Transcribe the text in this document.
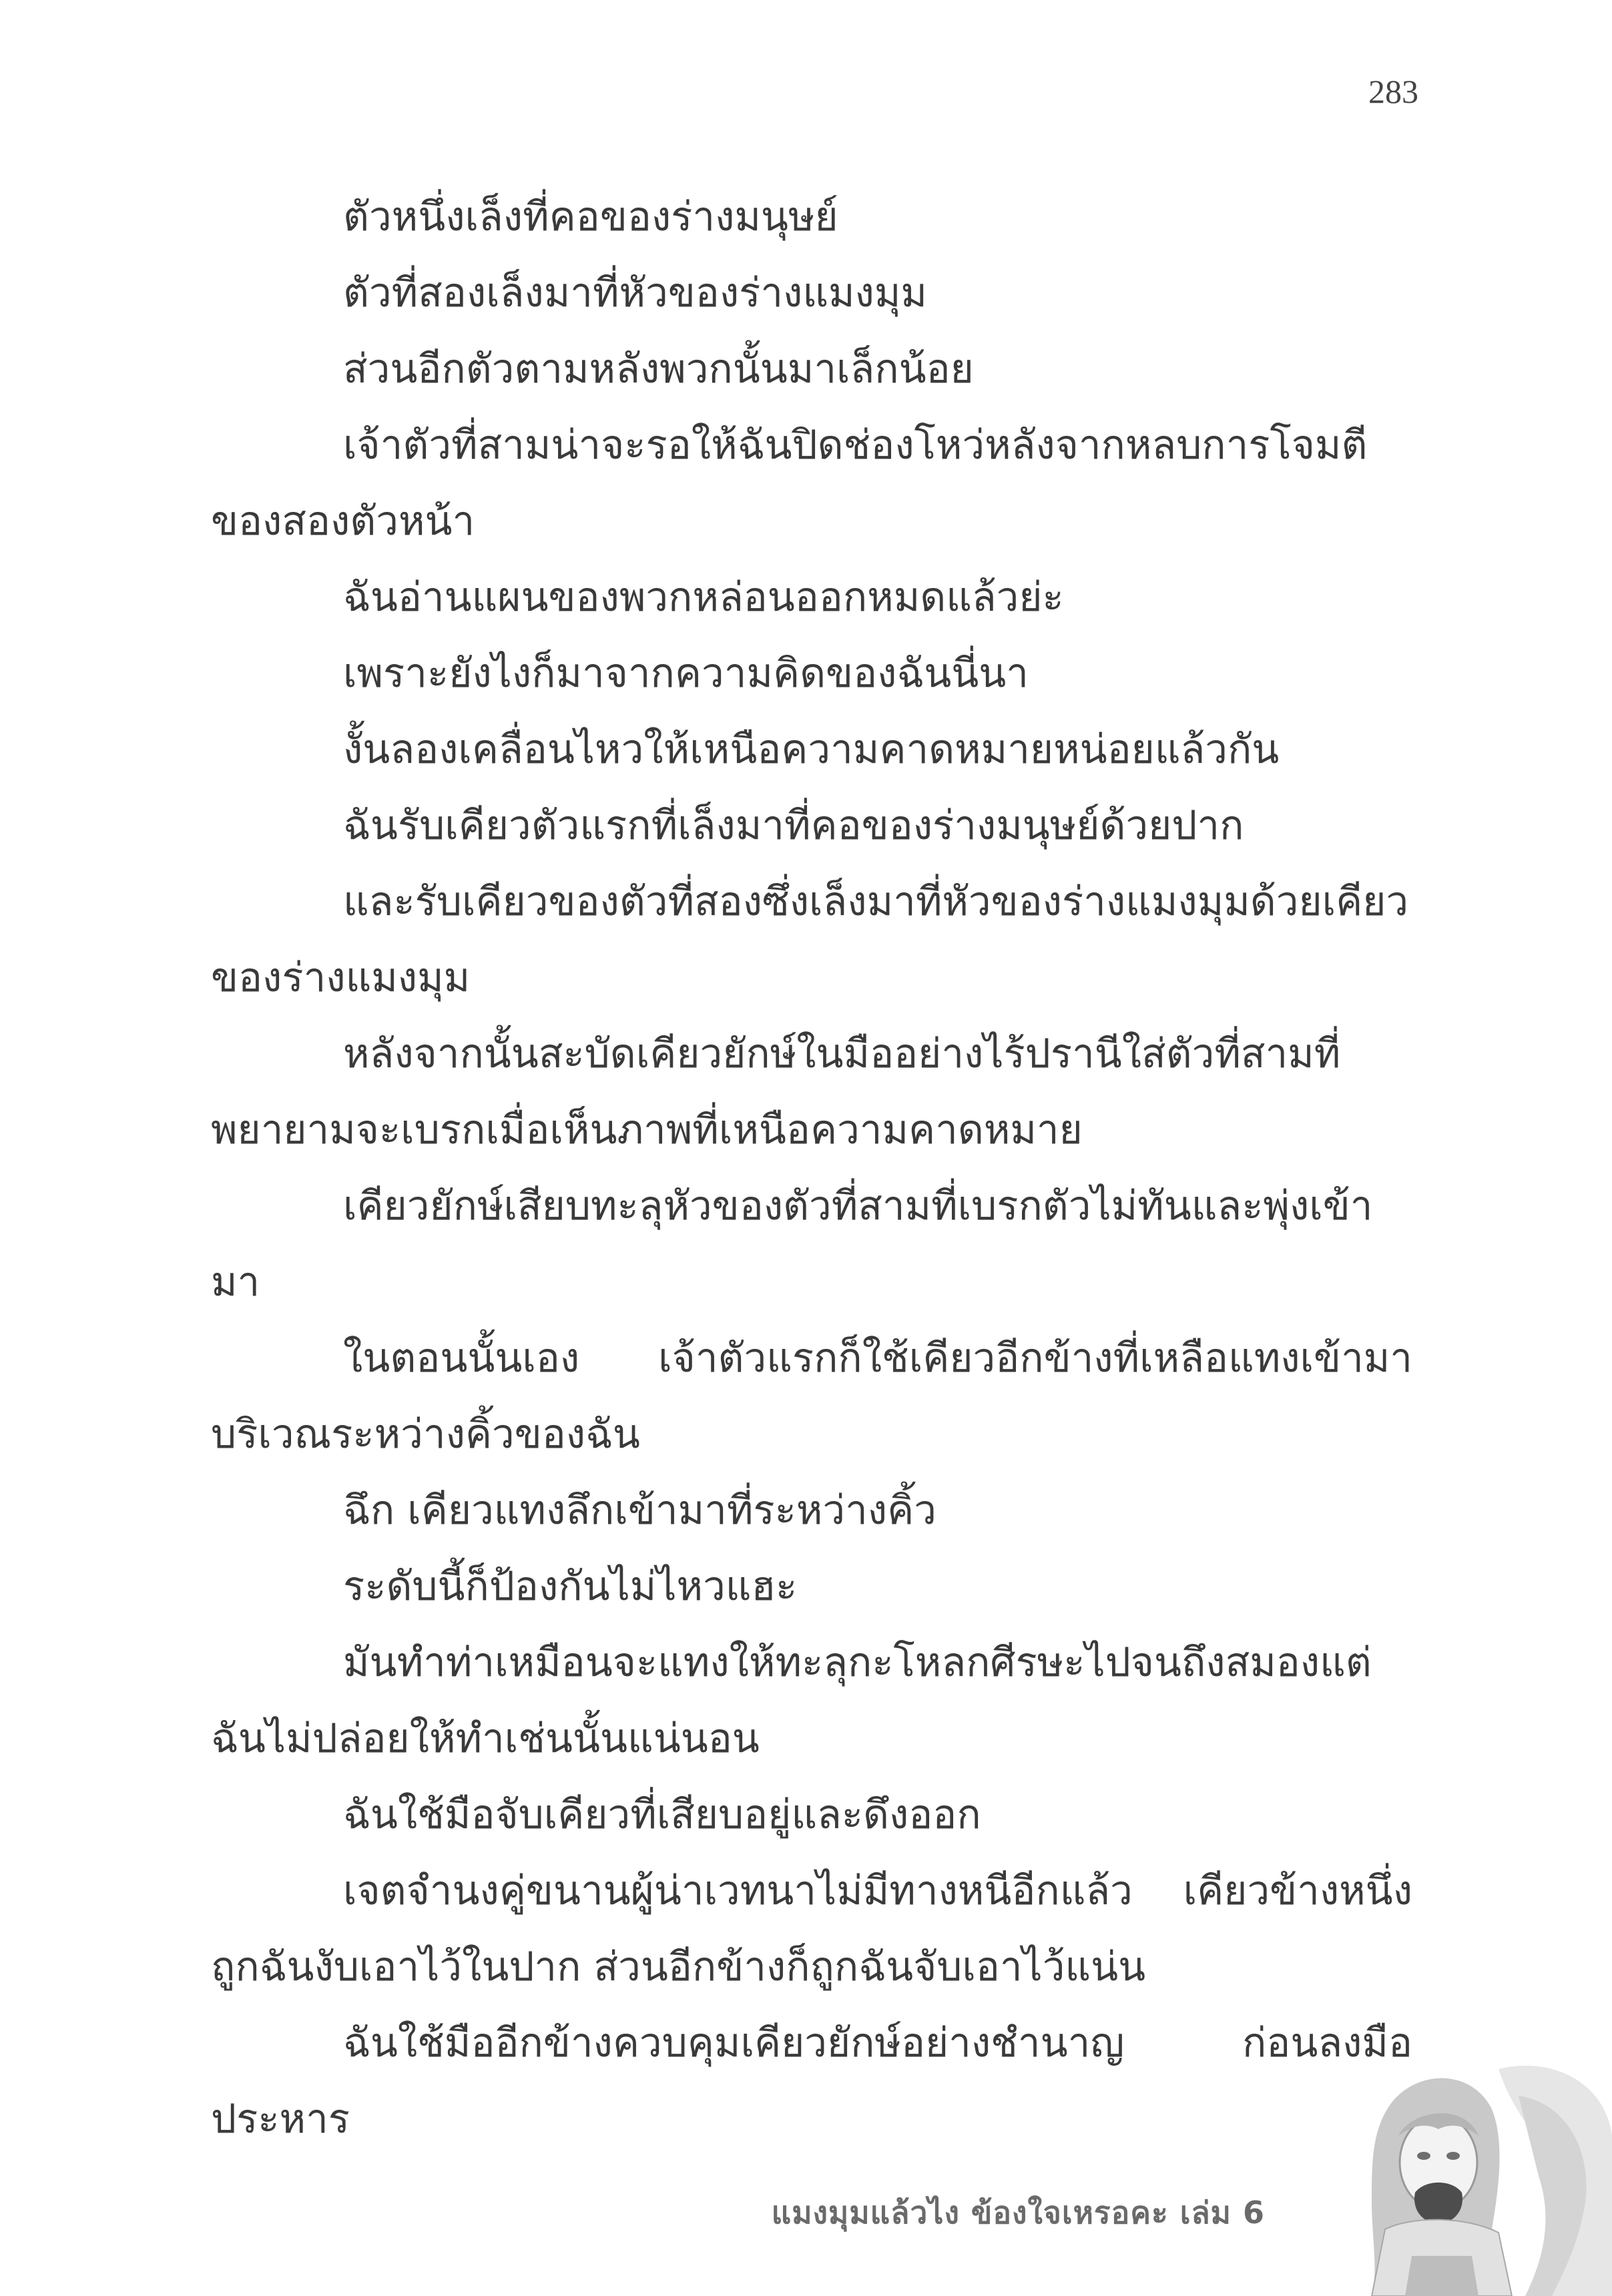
283

ตัวหนึ่งเล็งที่คอของร่างมนุษย์

ตัวที่สองเล็งมาที่หัวของร่างแมงมุม

ส่วนอีกตัวตามหลังพวกนั้นมาเล็กน้อย

เจ้าตัวที่สามน่าจะรอให้ฉันปิดช่องโหว่หลังจากหลบการโจมตีของสองตัวหน้า

ฉันอ่านแผนของพวกหล่อนออกหมดแล้วย่ะ

เพราะยังไงก็มาจากความคิดของฉันนี่นา

งั้นลองเคลื่อนไหวให้เหนือความคาดหมายหน่อยแล้วกัน

ฉันรับเคียวตัวแรกที่เล็งมาที่คอของร่างมนุษย์ด้วยปาก

และรับเคียวของตัวที่สองซึ่งเล็งมาที่หัวของร่างแมงมุมด้วยเคียวของร่างแมงมุม

หลังจากนั้นสะบัดเคียวยักษ์ในมืออย่างไร้ปรานีใส่ตัวที่สามที่พยายามจะเบรกเมื่อเห็นภาพที่เหนือความคาดหมาย

เคียวยักษ์เสียบทะลุหัวของตัวที่สามที่เบรกตัวไม่ทันและพุ่งเข้ามา

ในตอนนั้นเอง เจ้าตัวแรกก็ใช้เคียวอีกข้างที่เหลือแทงเข้ามาบริเวณระหว่างคิ้วของฉัน

ฉึก เคียวแทงลึกเข้ามาที่ระหว่างคิ้ว

ระดับนี้ก็ป้องกันไม่ไหวแฮะ

มันทำท่าเหมือนจะแทงให้ทะลุกะโหลกศีรษะไปจนถึงสมองแต่ฉันไม่ปล่อยให้ทำเช่นนั้นแน่นอน

ฉันใช้มือจับเคียวที่เสียบอยู่และดึงออก

เจตจำนงคู่ขนานผู้น่าเวทนาไม่มีทางหนีอีกแล้ว เคียวข้างหนึ่งถูกฉันงับเอาไว้ในปาก ส่วนอีกข้างก็ถูกฉันจับเอาไว้แน่น

ฉันใช้มืออีกข้างควบคุมเคียวยักษ์อย่างชำนาญ ก่อนลงมือประหาร

แมงมุมแล้วไง ข้องใจเหรอคะ เล่ม 6
